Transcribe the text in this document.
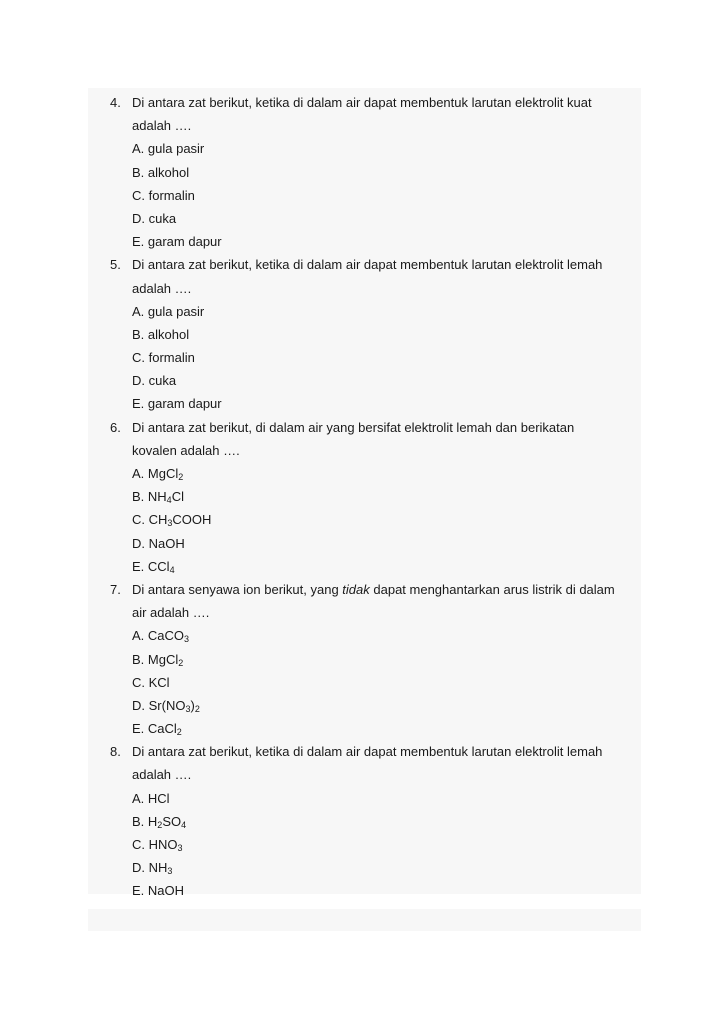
4. Di antara zat berikut, ketika di dalam air dapat membentuk larutan elektrolit kuat
adalah ….
A. gula pasir
B. alkohol
C. formalin
D. cuka
E. garam dapur
5. Di antara zat berikut, ketika di dalam air dapat membentuk larutan elektrolit lemah
adalah ….
A. gula pasir
B. alkohol
C. formalin
D. cuka
E. garam dapur
6. Di antara zat berikut, di dalam air yang bersifat elektrolit lemah dan berikatan
kovalen adalah ….
A. MgCl$_2$
B. $NH_4Cl$
C. $CH_3COOH$
D. NaOH
E. CCl$_4$
7. Di antara senyawa ion berikut, yang tidak dapat menghantarkan arus listrik di dalam
air adalah ….
A. CaCO$_3$
B. MgCl$_2$
C. KCl
D. $Sr(NO_3)_2$
E. CaCl$_2$
8. Di antara zat berikut, ketika di dalam air dapat membentuk larutan elektrolit lemah
adalah ….
A. HCl
B. $H_2SO_4$
C. $HNO_3$
D. $NH_3$
E. NaOH
